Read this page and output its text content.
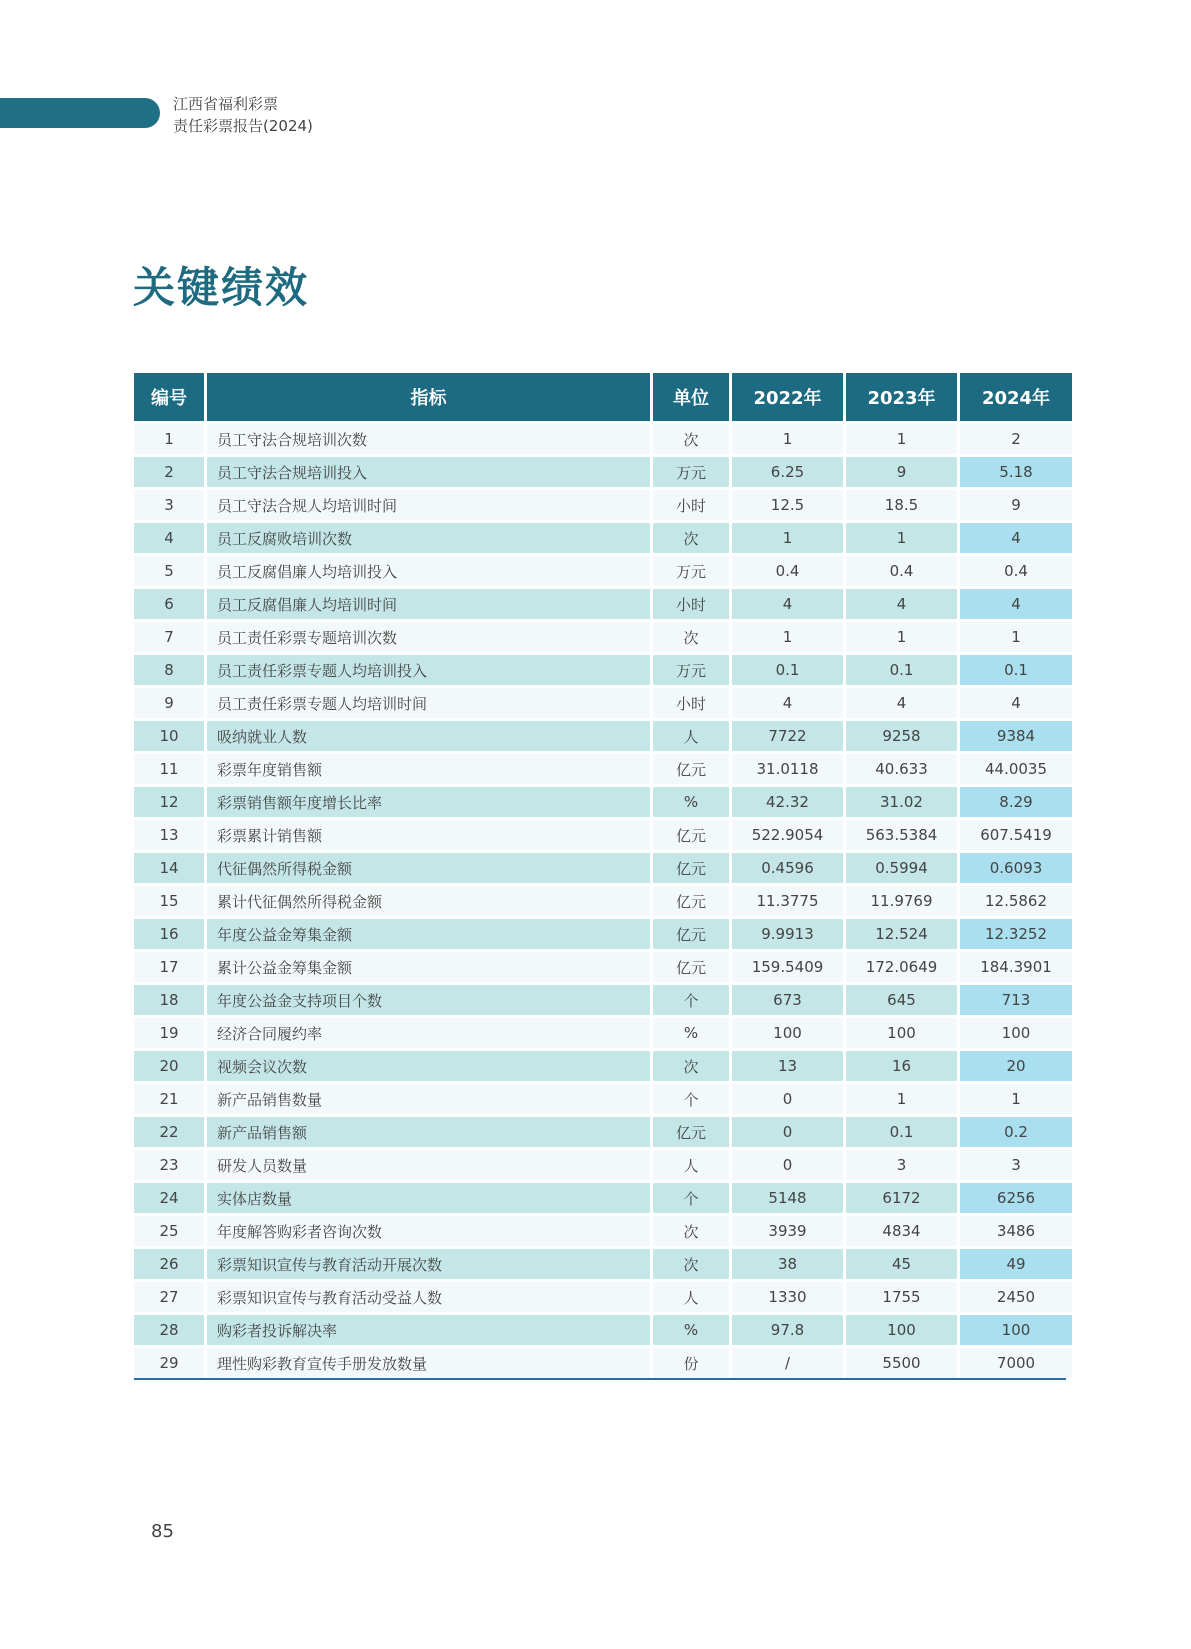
江西省福利彩票
责任彩票报告(2024)
关键绩效
编号	指标	单位	2022年	2023年	2024年
1	员工守法合规培训次数	次	1	1	2
2	员工守法合规培训投入	万元	6.25	9	5.18
3	员工守法合规人均培训时间	小时	12.5	18.5	9
4	员工反腐败培训次数	次	1	1	4
5	员工反腐倡廉人均培训投入	万元	0.4	0.4	0.4
6	员工反腐倡廉人均培训时间	小时	4	4	4
7	员工责任彩票专题培训次数	次	1	1	1
8	员工责任彩票专题人均培训投入	万元	0.1	0.1	0.1
9	员工责任彩票专题人均培训时间	小时	4	4	4
10	吸纳就业人数	人	7722	9258	9384
11	彩票年度销售额	亿元	31.0118	40.633	44.0035
12	彩票销售额年度增长比率	%	42.32	31.02	8.29
13	彩票累计销售额	亿元	522.9054	563.5384	607.5419
14	代征偶然所得税金额	亿元	0.4596	0.5994	0.6093
15	累计代征偶然所得税金额	亿元	11.3775	11.9769	12.5862
16	年度公益金筹集金额	亿元	9.9913	12.524	12.3252
17	累计公益金筹集金额	亿元	159.5409	172.0649	184.3901
18	年度公益金支持项目个数	个	673	645	713
19	经济合同履约率	%	100	100	100
20	视频会议次数	次	13	16	20
21	新产品销售数量	个	0	1	1
22	新产品销售额	亿元	0	0.1	0.2
23	研发人员数量	人	0	3	3
24	实体店数量	个	5148	6172	6256
25	年度解答购彩者咨询次数	次	3939	4834	3486
26	彩票知识宣传与教育活动开展次数	次	38	45	49
27	彩票知识宣传与教育活动受益人数	人	1330	1755	2450
28	购彩者投诉解决率	%	97.8	100	100
29	理性购彩教育宣传手册发放数量	份	/	5500	7000
85
